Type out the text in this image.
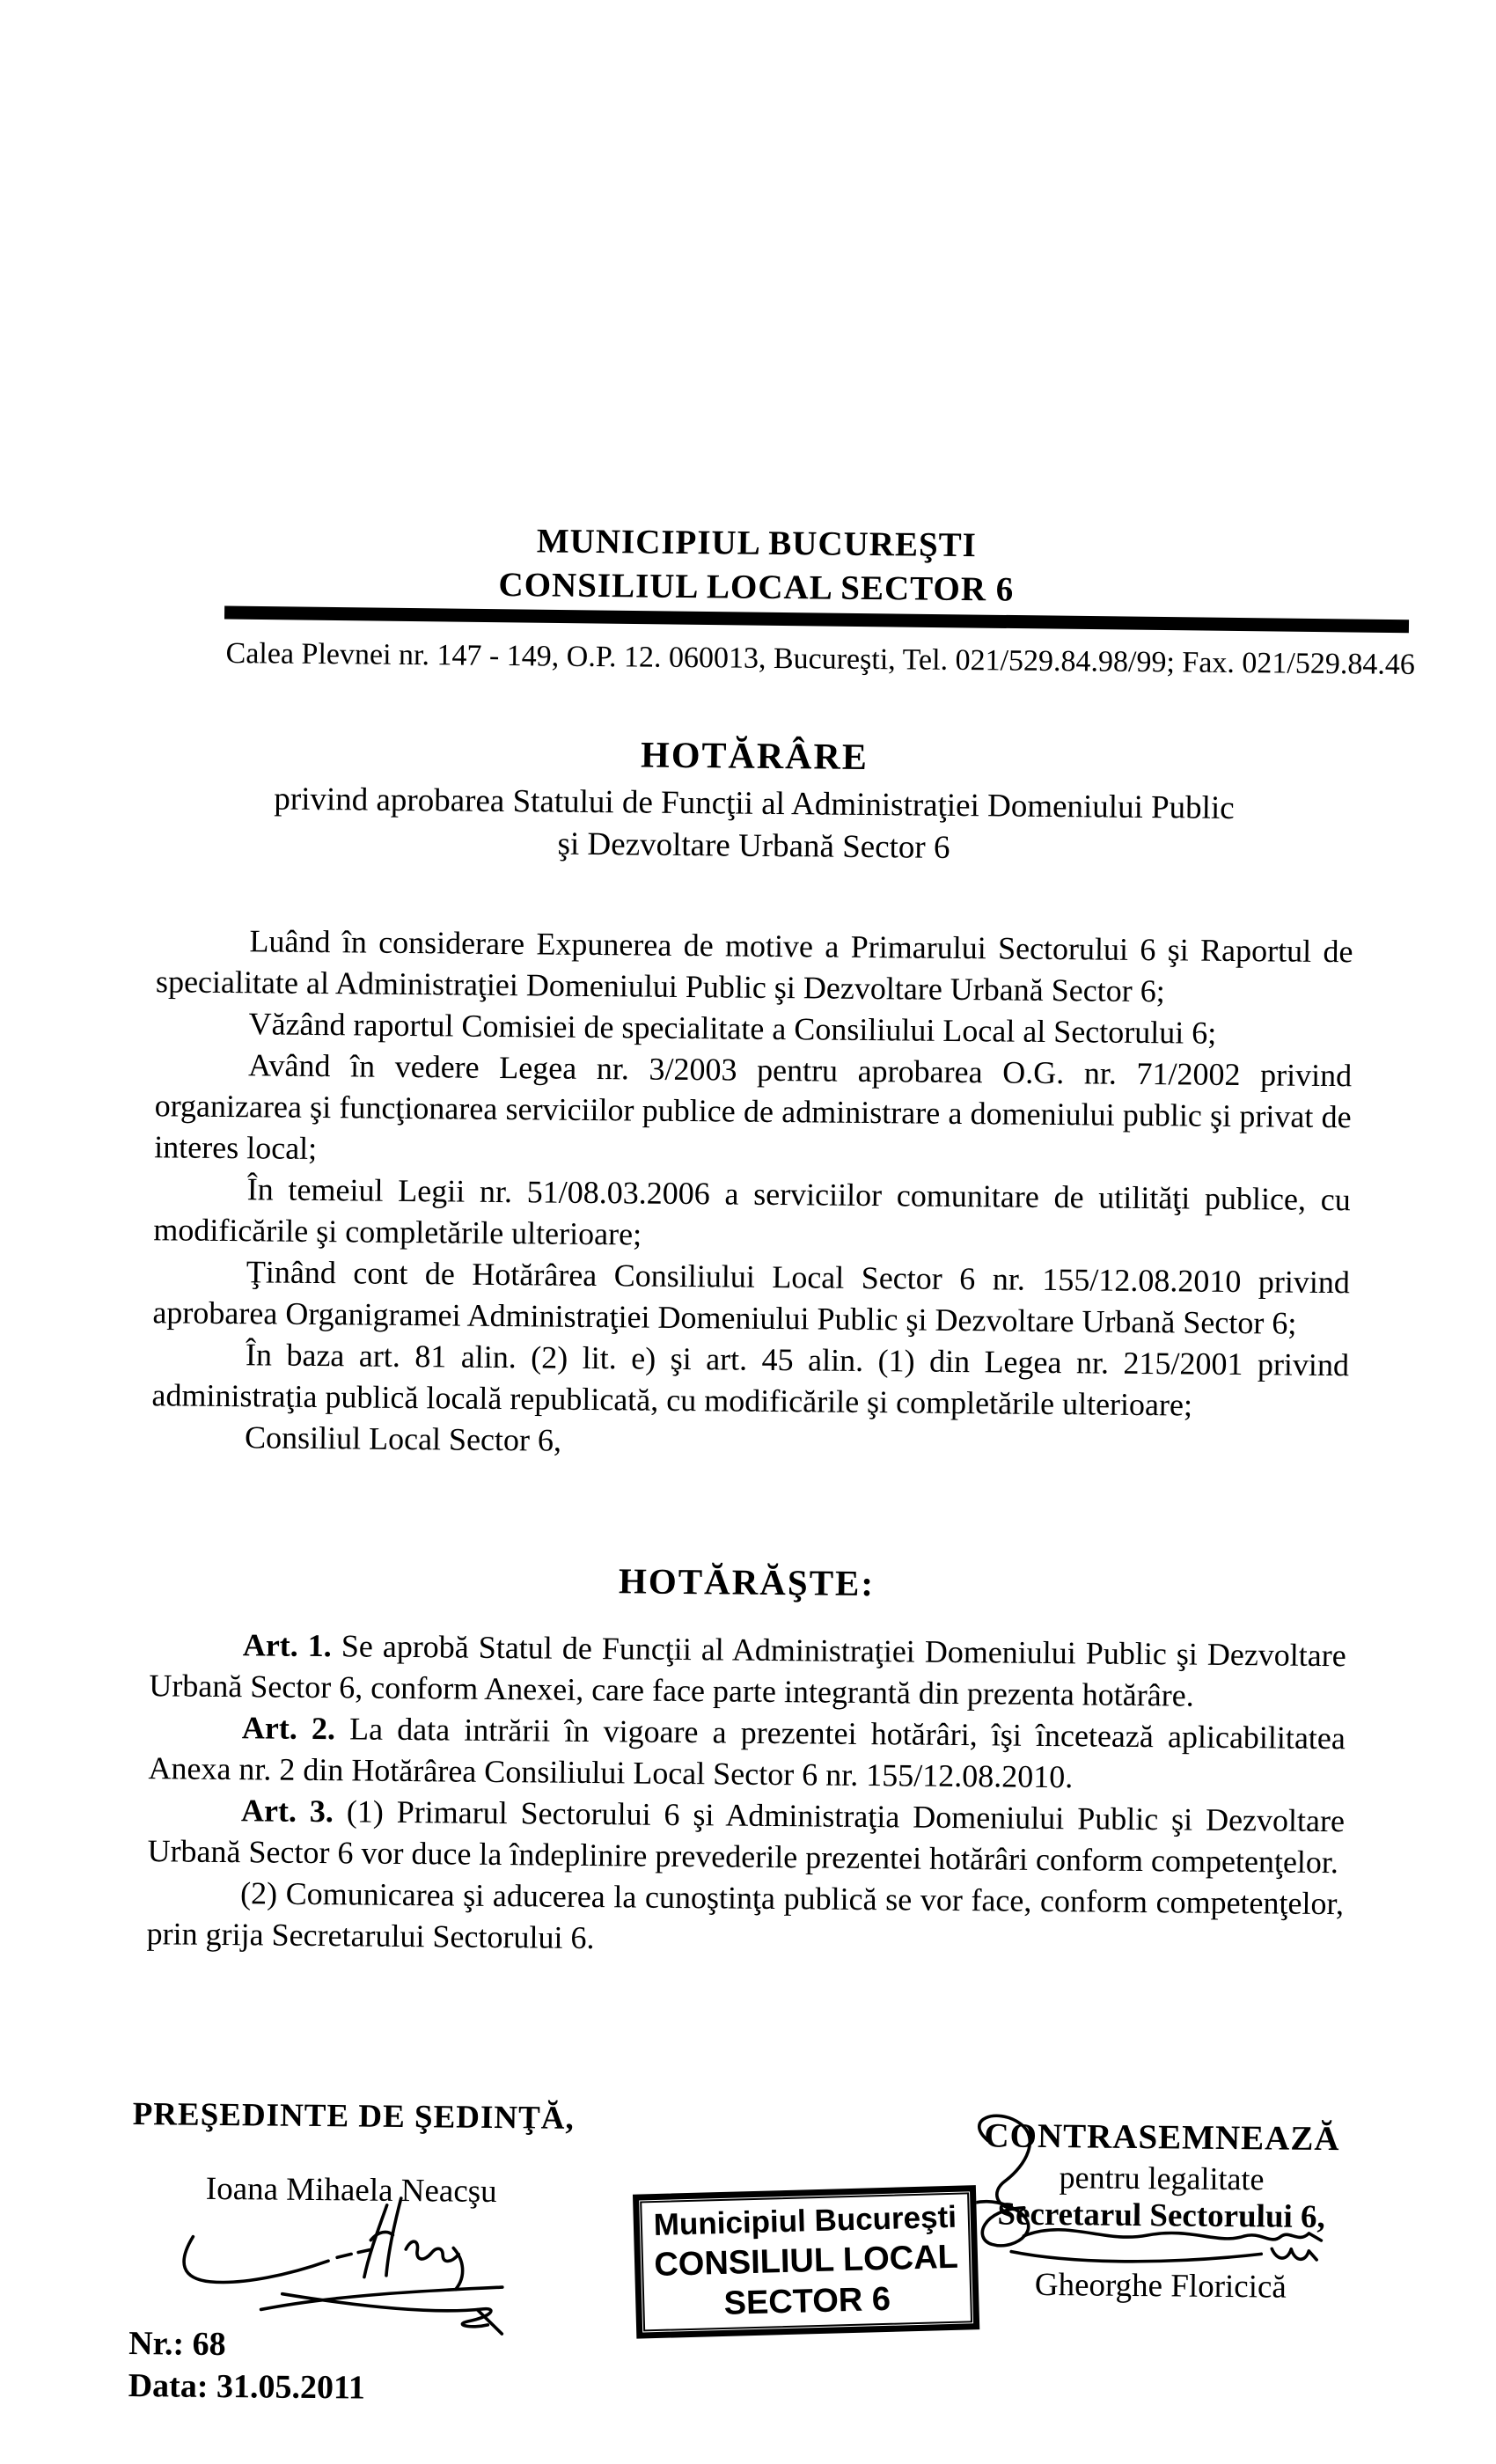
MUNICIPIUL BUCUREŞTI
CONSILIUL LOCAL SECTOR 6
Calea Plevnei nr. 147 - 149, O.P. 12. 060013, Bucureşti, Tel. 021/529.84.98/99; Fax. 021/529.84.46
HOTĂRÂRE
privind aprobarea Statului de Funcţii al Administraţiei Domeniului Public
şi Dezvoltare Urbană Sector 6

Luând în considerare Expunerea de motive a Primarului Sectorului 6 şi Raportul de specialitate al Administraţiei Domeniului Public şi Dezvoltare Urbană Sector 6;

Văzând raportul Comisiei de specialitate a Consiliului Local al Sectorului 6;

Având în vedere Legea nr. 3/2003 pentru aprobarea O.G. nr. 71/2002 privind organizarea şi funcţionarea serviciilor publice de administrare a domeniului public şi privat de interes local;

În temeiul Legii nr. 51/08.03.2006 a serviciilor comunitare de utilităţi publice, cu modificările şi completările ulterioare;

Ţinând cont de Hotărârea Consiliului Local Sector 6 nr. 155/12.08.2010 privind aprobarea Organigramei Administraţiei Domeniului Public şi Dezvoltare Urbană Sector 6;

În baza art. 81 alin. (2) lit. e) şi art. 45 alin. (1) din Legea nr. 215/2001 privind administraţia publică locală republicată, cu modificările şi completările ulterioare;

Consiliul Local Sector 6,

HOTĂRĂŞTE:

Art. 1. Se aprobă Statul de Funcţii al Administraţiei Domeniului Public şi Dezvoltare Urbană Sector 6, conform Anexei, care face parte integrantă din prezenta hotărâre.

Art. 2. La data intrării în vigoare a prezentei hotărâri, îşi încetează aplicabilitatea Anexa nr. 2 din Hotărârea Consiliului Local Sector 6 nr. 155/12.08.2010.

Art. 3. (1) Primarul Sectorului 6 şi Administraţia Domeniului Public şi Dezvoltare Urbană Sector 6 vor duce la îndeplinire prevederile prezentei hotărâri conform competenţelor.

(2) Comunicarea şi aducerea la cunoştinţa publică se vor face, conform competenţelor, prin grija Secretarului Sectorului 6.

PREŞEDINTE DE ŞEDINŢĂ,
Ioana Mihaela Neacşu
CONTRASEMNEAZĂ
pentru legalitate
Secretarul Sectorului 6,
Gheorghe Floricică
Municipiul Bucureşti
CONSILIUL LOCAL
SECTOR 6
Nr.: 68
Data: 31.05.2011
